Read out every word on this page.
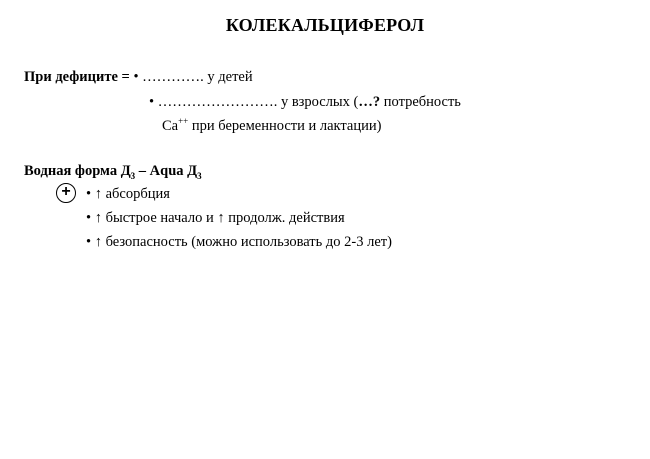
КОЛЕКАЛЬЦИФЕРОЛ
При дефиците = • …………. у детей
• ……………………. у взрослых (…? потребность
Ca++ при беременности и лактации)
Водная форма $Д_3$ – Aqua $Д_3$
+	• ↑ абсорбция
• ↑ быстрое начало и ↑ продолж. действия
• ↑ безопасность (можно использовать до 2-3 лет)
